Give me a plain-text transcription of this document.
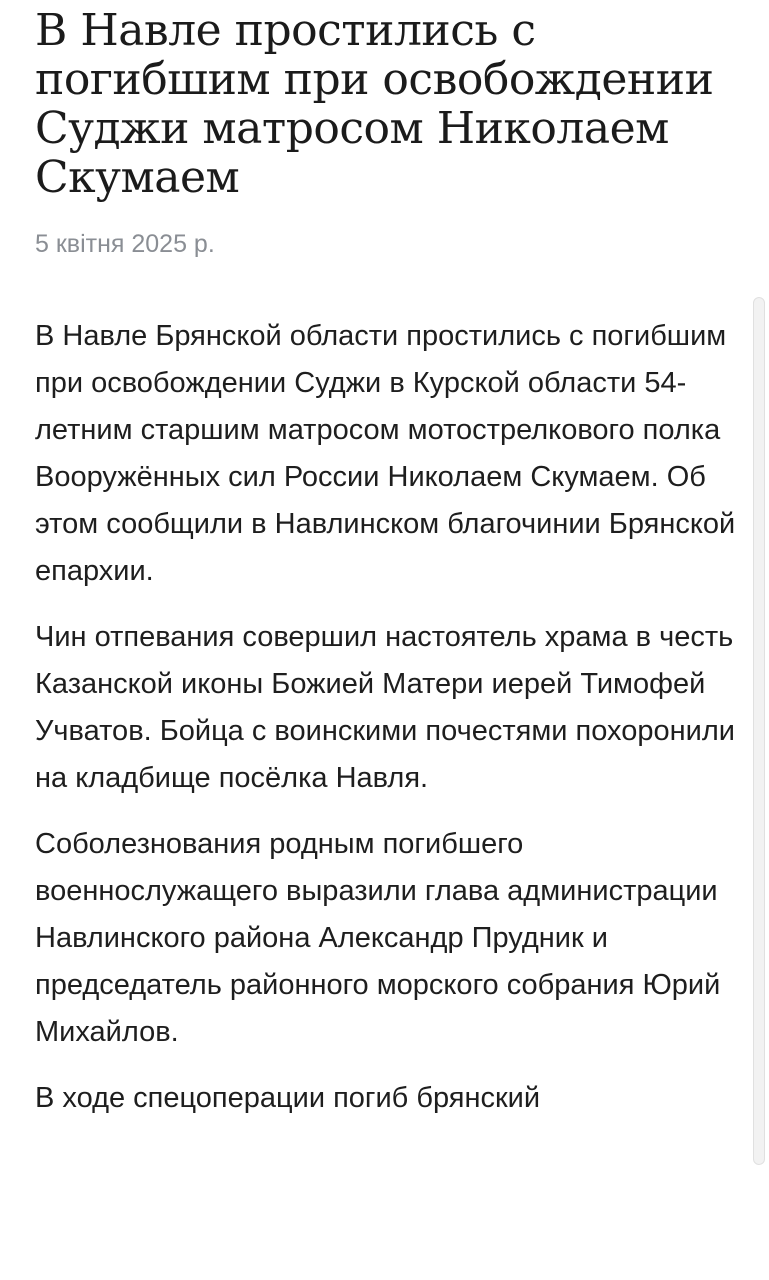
В Навле простились с погибшим при освобождении Суджи матросом Николаем Скумаем
5 квітня 2025 р.

В Навле Брянской области простились с погибшим при освобождении Суджи в Курской области 54-летним старшим матросом мотострелкового полка Вооружённых сил России Николаем Скумаем. Об этом сообщили в Навлинском благочинии Брянской епархии.

Чин отпевания совершил настоятель храма в честь Казанской иконы Божией Матери иерей Тимофей Учватов. Бойца с воинскими почестями похоронили на кладбище посёлка Навля.

Соболезнования родным погибшего военнослужащего выразили глава администрации Навлинского района Александр Прудник и председатель районного морского собрания Юрий Михайлов.

В ходе спецоперации погиб брянский
